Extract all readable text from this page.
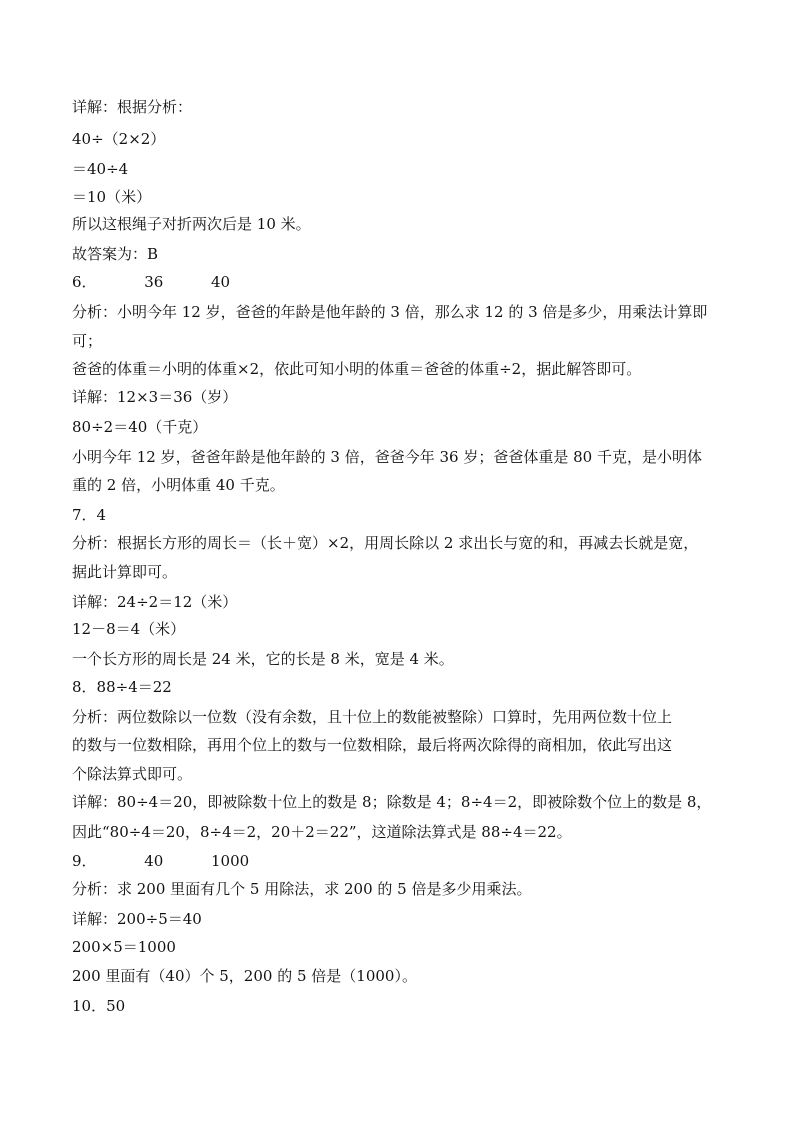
详解：根据分析：
40÷（2×2）
＝40÷4
＝10（米）
所以这根绳子对折两次后是 10 米。
故答案为：B
6．          36          40
分析：小明今年 12 岁，爸爸的年龄是他年龄的 3 倍，那么求 12 的 3 倍是多少，用乘法计算即
可；
爸爸的体重＝小明的体重×2，依此可知小明的体重＝爸爸的体重÷2，据此解答即可。
详解：12×3＝36（岁）
80÷2＝40（千克）
小明今年 12 岁，爸爸年龄是他年龄的 3 倍，爸爸今年 36 岁；爸爸体重是 80 千克，是小明体
重的 2 倍，小明体重 40 千克。
7．4
分析：根据长方形的周长＝（长＋宽）×2，用周长除以 2 求出长与宽的和，再减去长就是宽，
据此计算即可。
详解：24÷2＝12（米）
12－8＝4（米）
一个长方形的周长是 24 米，它的长是 8 米，宽是 4 米。
8．88÷4＝22
分析：两位数除以一位数（没有余数，且十位上的数能被整除）口算时，先用两位数十位上
的数与一位数相除，再用个位上的数与一位数相除，最后将两次除得的商相加，依此写出这
个除法算式即可。
详解：80÷4＝20，即被除数十位上的数是 8；除数是 4；8÷4＝2，即被除数个位上的数是 8，
因此“80÷4＝20，8÷4＝2，20＋2＝22”，这道除法算式是 88÷4＝22。
9．          40          1000
分析：求 200 里面有几个 5 用除法，求 200 的 5 倍是多少用乘法。
详解：200÷5＝40
200×5＝1000
200 里面有（40）个 5，200 的 5 倍是（1000）。
10．50
